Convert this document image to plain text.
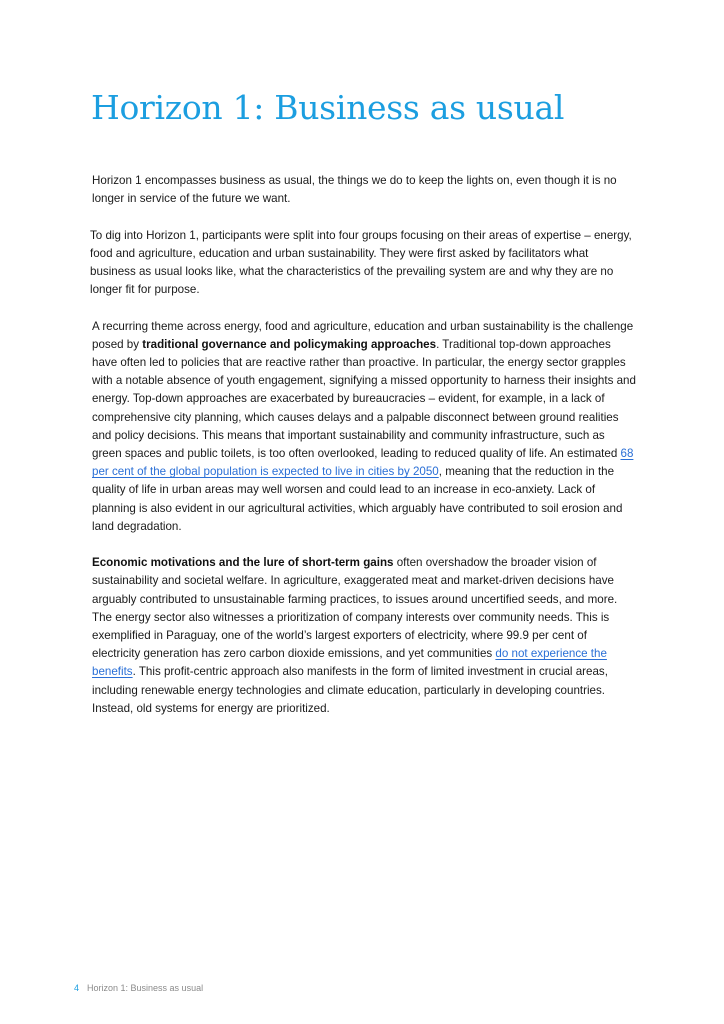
Horizon 1: Business as usual

Horizon 1 encompasses business as usual, the things we do to keep the lights on, even though it is no longer in service of the future we want.

To dig into Horizon 1, participants were split into four groups focusing on their areas of expertise – energy, food and agriculture, education and urban sustainability. They were first asked by facilitators what business as usual looks like, what the characteristics of the prevailing system are and why they are no longer fit for purpose.

A recurring theme across energy, food and agriculture, education and urban sustainability is the challenge posed by traditional governance and policymaking approaches. Traditional top-down approaches have often led to policies that are reactive rather than proactive. In particular, the energy sector grapples with a notable absence of youth engagement, signifying a missed opportunity to harness their insights and energy. Top-down approaches are exacerbated by bureaucracies – evident, for example, in a lack of comprehensive city planning, which causes delays and a palpable disconnect between ground realities and policy decisions. This means that important sustainability and community infrastructure, such as green spaces and public toilets, is too often overlooked, leading to reduced quality of life. An estimated 68 per cent of the global population is expected to live in cities by 2050, meaning that the reduction in the quality of life in urban areas may well worsen and could lead to an increase in eco-anxiety. Lack of planning is also evident in our agricultural activities, which arguably have contributed to soil erosion and land degradation.

Economic motivations and the lure of short-term gains often overshadow the broader vision of sustainability and societal welfare. In agriculture, exaggerated meat and market-driven decisions have arguably contributed to unsustainable farming practices, to issues around uncertified seeds, and more. The energy sector also witnesses a prioritization of company interests over community needs. This is exemplified in Paraguay, one of the world’s largest exporters of electricity, where 99.9 per cent of electricity generation has zero carbon dioxide emissions, and yet communities do not experience the benefits. This profit-centric approach also manifests in the form of limited investment in crucial areas, including renewable energy technologies and climate education, particularly in developing countries. Instead, old systems for energy are prioritized.

4 Horizon 1: Business as usual
